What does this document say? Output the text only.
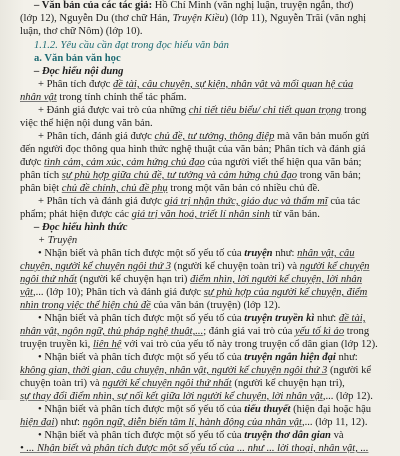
– Văn bản của các tác giả: Hồ Chí Minh (văn nghị luận, truyện ngắn, thơ)

(lớp 12), Nguyễn Du (thơ chữ Hán, Truyện Kiều) (lớp 11), Nguyễn Trãi (văn nghị

luận, thơ chữ Nôm) (lớp 10).

1.1.2. Yêu cầu cần đạt trong đọc hiểu văn bản

a. Văn bản văn học

– Đọc hiểu nội dung

+ Phân tích được đề tài, câu chuyện, sự kiện, nhân vật và mối quan hệ của

nhân vật trong tính chỉnh thể tác phẩm.

+ Đánh giá được vai trò của những chi tiết tiêu biểu/ chi tiết quan trọng trong

việc thể hiện nội dung văn bản.

+ Phân tích, đánh giá được chủ đề, tư tưởng, thông điệp mà văn bản muốn gửi

đến người đọc thông qua hình thức nghệ thuật của văn bản; Phân tích và đánh giá

được tình cảm, cảm xúc, cảm hứng chủ đạo của người viết thể hiện qua văn bản;

phân tích sự phù hợp giữa chủ đề, tư tưởng và cảm hứng chủ đạo trong văn bản;

phân biệt chủ đề chính, chủ đề phụ trong một văn bản có nhiều chủ đề.

+ Phân tích và đánh giá được giá trị nhận thức, giáo dục và thẩm mĩ của tác

phẩm; phát hiện được các giá trị văn hoá, triết lí nhân sinh từ văn bản.

– Đọc hiểu hình thức

+ Truyện

• Nhận biết và phân tích được một số yếu tố của truyện như: nhân vật, câu

chuyện, người kể chuyện ngôi thứ 3 (người kể chuyện toàn tri) và người kể chuyện

ngôi thứ nhất (người kể chuyện hạn tri) điểm nhìn, lời người kể chuyện, lời nhân

vật,... (lớp 10); Phân tích và đánh giá được sự phù hợp của người kể chuyện, điểm

nhìn trong việc thể hiện chủ đề của văn bản (truyện) (lớp 12).

• Nhận biết và phân tích được một số yếu tố của truyện truyền kì như: đề tài,

nhân vật, ngôn ngữ, thủ pháp nghệ thuật,...; đánh giá vai trò của yếu tố kì ảo trong

truyện truyền kì, liên hệ với vai trò của yếu tố này trong truyện cổ dân gian (lớp 12).

• Nhận biết và phân tích được một số yếu tố của truyện ngắn hiện đại như:

không gian, thời gian, câu chuyện, nhân vật, người kể chuyện ngôi thứ 3 (người kể

chuyện toàn tri) và người kể chuyện ngôi thứ nhất (người kể chuyện hạn tri),

sự thay đổi điểm nhìn, sự nối kết giữa lời người kể chuyện, lời nhân vật,... (lớp 12).

• Nhận biết và phân tích được một số yếu tố của tiểu thuyết (hiện đại hoặc hậu

hiện đại) như: ngôn ngữ, diễn biến tâm lí, hành động của nhân vật,... (lớp 11, 12).

• Nhận biết và phân tích được một số yếu tố của truyện thơ dân gian và

• ... Nhận biết và phân tích được một số yếu tố của ... như ... lời thoại, nhân vật, ...
